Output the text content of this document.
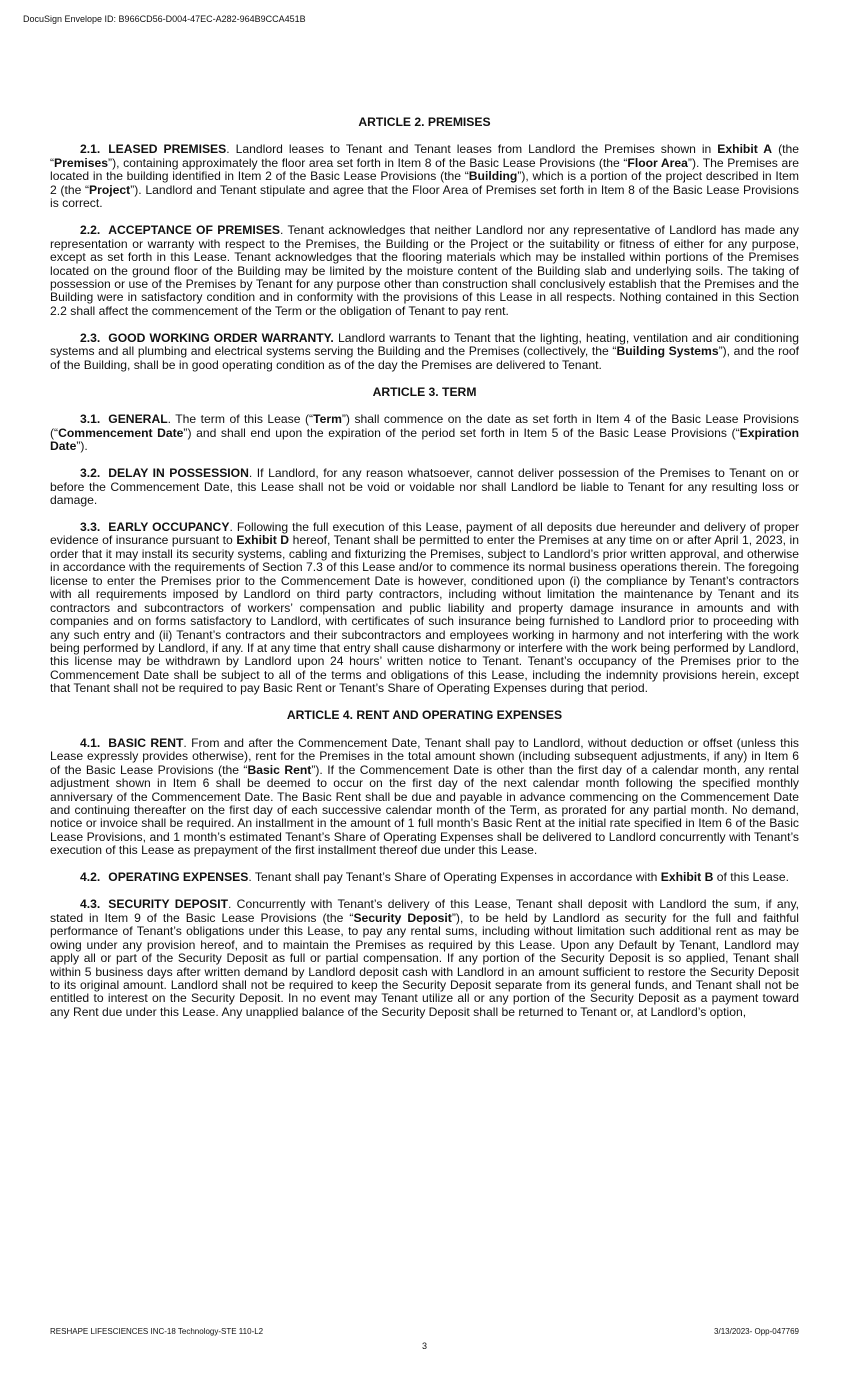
DocuSign Envelope ID: B966CD56-D004-47EC-A282-964B9CCA451B
ARTICLE 2. PREMISES

2.1. LEASED PREMISES. Landlord leases to Tenant and Tenant leases from Landlord the Premises shown in Exhibit A (the “Premises”), containing approximately the floor area set forth in Item 8 of the Basic Lease Provisions (the “Floor Area”). The Premises are located in the building identified in Item 2 of the Basic Lease Provisions (the “Building”), which is a portion of the project described in Item 2 (the “Project”). Landlord and Tenant stipulate and agree that the Floor Area of Premises set forth in Item 8 of the Basic Lease Provisions is correct.

2.2. ACCEPTANCE OF PREMISES. Tenant acknowledges that neither Landlord nor any representative of Landlord has made any representation or warranty with respect to the Premises, the Building or the Project or the suitability or fitness of either for any purpose, except as set forth in this Lease. Tenant acknowledges that the flooring materials which may be installed within portions of the Premises located on the ground floor of the Building may be limited by the moisture content of the Building slab and underlying soils. The taking of possession or use of the Premises by Tenant for any purpose other than construction shall conclusively establish that the Premises and the Building were in satisfactory condition and in conformity with the provisions of this Lease in all respects. Nothing contained in this Section 2.2 shall affect the commencement of the Term or the obligation of Tenant to pay rent.

2.3. GOOD WORKING ORDER WARRANTY. Landlord warrants to Tenant that the lighting, heating, ventilation and air conditioning systems and all plumbing and electrical systems serving the Building and the Premises (collectively, the “Building Systems”), and the roof of the Building, shall be in good operating condition as of the day the Premises are delivered to Tenant.

ARTICLE 3. TERM

3.1. GENERAL. The term of this Lease (“Term”) shall commence on the date as set forth in Item 4 of the Basic Lease Provisions (“Commencement Date”) and shall end upon the expiration of the period set forth in Item 5 of the Basic Lease Provisions (“Expiration Date”).

3.2. DELAY IN POSSESSION. If Landlord, for any reason whatsoever, cannot deliver possession of the Premises to Tenant on or before the Commencement Date, this Lease shall not be void or voidable nor shall Landlord be liable to Tenant for any resulting loss or damage.

3.3. EARLY OCCUPANCY. Following the full execution of this Lease, payment of all deposits due hereunder and delivery of proper evidence of insurance pursuant to Exhibit D hereof, Tenant shall be permitted to enter the Premises at any time on or after April 1, 2023, in order that it may install its security systems, cabling and fixturizing the Premises, subject to Landlord’s prior written approval, and otherwise in accordance with the requirements of Section 7.3 of this Lease and/or to commence its normal business operations therein. The foregoing license to enter the Premises prior to the Commencement Date is however, conditioned upon (i) the compliance by Tenant’s contractors with all requirements imposed by Landlord on third party contractors, including without limitation the maintenance by Tenant and its contractors and subcontractors of workers’ compensation and public liability and property damage insurance in amounts and with companies and on forms satisfactory to Landlord, with certificates of such insurance being furnished to Landlord prior to proceeding with any such entry and (ii) Tenant’s contractors and their subcontractors and employees working in harmony and not interfering with the work being performed by Landlord, if any. If at any time that entry shall cause disharmony or interfere with the work being performed by Landlord, this license may be withdrawn by Landlord upon 24 hours’ written notice to Tenant. Tenant’s occupancy of the Premises prior to the Commencement Date shall be subject to all of the terms and obligations of this Lease, including the indemnity provisions herein, except that Tenant shall not be required to pay Basic Rent or Tenant’s Share of Operating Expenses during that period.

ARTICLE 4. RENT AND OPERATING EXPENSES

4.1. BASIC RENT. From and after the Commencement Date, Tenant shall pay to Landlord, without deduction or offset (unless this Lease expressly provides otherwise), rent for the Premises in the total amount shown (including subsequent adjustments, if any) in Item 6 of the Basic Lease Provisions (the “Basic Rent”). If the Commencement Date is other than the first day of a calendar month, any rental adjustment shown in Item 6 shall be deemed to occur on the first day of the next calendar month following the specified monthly anniversary of the Commencement Date. The Basic Rent shall be due and payable in advance commencing on the Commencement Date and continuing thereafter on the first day of each successive calendar month of the Term, as prorated for any partial month. No demand, notice or invoice shall be required. An installment in the amount of 1 full month’s Basic Rent at the initial rate specified in Item 6 of the Basic Lease Provisions, and 1 month’s estimated Tenant’s Share of Operating Expenses shall be delivered to Landlord concurrently with Tenant’s execution of this Lease as prepayment of the first installment thereof due under this Lease.

4.2. OPERATING EXPENSES. Tenant shall pay Tenant’s Share of Operating Expenses in accordance with Exhibit B of this Lease.

4.3. SECURITY DEPOSIT. Concurrently with Tenant’s delivery of this Lease, Tenant shall deposit with Landlord the sum, if any, stated in Item 9 of the Basic Lease Provisions (the “Security Deposit”), to be held by Landlord as security for the full and faithful performance of Tenant’s obligations under this Lease, to pay any rental sums, including without limitation such additional rent as may be owing under any provision hereof, and to maintain the Premises as required by this Lease. Upon any Default by Tenant, Landlord may apply all or part of the Security Deposit as full or partial compensation. If any portion of the Security Deposit is so applied, Tenant shall within 5 business days after written demand by Landlord deposit cash with Landlord in an amount sufficient to restore the Security Deposit to its original amount. Landlord shall not be required to keep the Security Deposit separate from its general funds, and Tenant shall not be entitled to interest on the Security Deposit. In no event may Tenant utilize all or any portion of the Security Deposit as a payment toward any Rent due under this Lease. Any unapplied balance of the Security Deposit shall be returned to Tenant or, at Landlord’s option,

RESHAPE LIFESCIENCES INC-18 Technology-STE 110-L2	3/13/2023- Opp-047769
3
